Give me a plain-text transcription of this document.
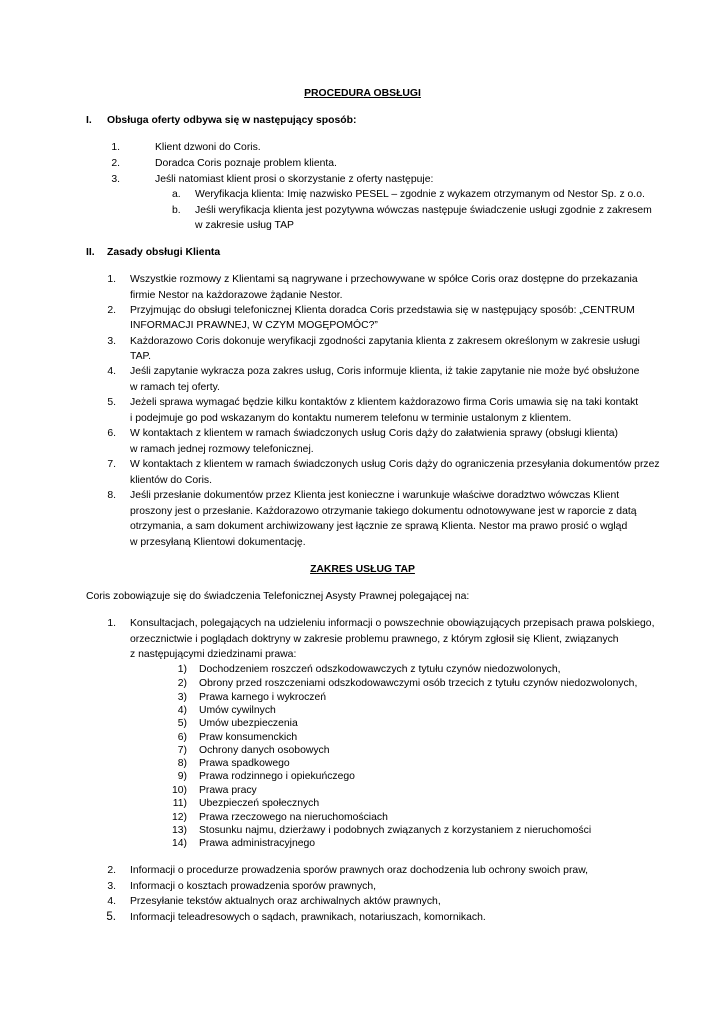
PROCEDURA OBSŁUGI
I. Obsługa oferty odbywa się w następujący sposób:
1.	Klient dzwoni do Coris.
2.	Doradca Coris poznaje problem klienta.
3.	Jeśli natomiast klient prosi o skorzystanie z oferty następuje:
a. Weryfikacja klienta: Imię nazwisko PESEL – zgodnie z wykazem otrzymanym od Nestor Sp. z o.o.
b. Jeśli weryfikacja klienta jest pozytywna wówczas następuje świadczenie usługi zgodnie z zakresem
w zakresie usług TAP
II. Zasady obsługi Klienta
1. Wszystkie rozmowy z Klientami są nagrywane i przechowywane w spółce Coris oraz dostępne do przekazania
firmie Nestor na każdorazowe żądanie Nestor.
2. Przyjmując do obsługi telefonicznej Klienta doradca Coris przedstawia się w następujący sposób: „CENTRUM
INFORMACJI PRAWNEJ, W CZYM MOGĘPOMÓC?”
3. Każdorazowo Coris dokonuje weryfikacji zgodności zapytania klienta z zakresem określonym w zakresie usługi
TAP.
4. Jeśli zapytanie wykracza poza zakres usług, Coris informuje klienta, iż takie zapytanie nie może być obsłużone
w ramach tej oferty.
5. Jeżeli sprawa wymagać będzie kilku kontaktów z klientem każdorazowo firma Coris umawia się na taki kontakt
i podejmuje go pod wskazanym do kontaktu numerem telefonu w terminie ustalonym z klientem.
6. W kontaktach z klientem w ramach świadczonych usług Coris dąży do załatwienia sprawy (obsługi klienta)
w ramach jednej rozmowy telefonicznej.
7. W kontaktach z klientem w ramach świadczonych usług Coris dąży do ograniczenia przesyłania dokumentów przez
klientów do Coris.
8. Jeśli przesłanie dokumentów przez Klienta jest konieczne i warunkuje właściwe doradztwo wówczas Klient
proszony jest o przesłanie. Każdorazowo otrzymanie takiego dokumentu odnotowywane jest w raporcie z datą
otrzymania, a sam dokument archiwizowany jest łącznie ze sprawą Klienta. Nestor ma prawo prosić o wgląd
w przesyłaną Klientowi dokumentację.
ZAKRES USŁUG TAP
Coris zobowiązuje się do świadczenia Telefonicznej Asysty Prawnej polegającej na:
1. Konsultacjach, polegających na udzieleniu informacji o powszechnie obowiązujących przepisach prawa polskiego,
orzecznictwie i poglądach doktryny w zakresie problemu prawnego, z którym zgłosił się Klient, związanych
z następującymi dziedzinami prawa:
1) Dochodzeniem roszczeń odszkodowawczych z tytułu czynów niedozwolonych,
2) Obrony przed roszczeniami odszkodowawczymi osób trzecich z tytułu czynów niedozwolonych,
3) Prawa karnego i wykroczeń
4) Umów cywilnych
5) Umów ubezpieczenia
6) Praw konsumenckich
7) Ochrony danych osobowych
8) Prawa spadkowego
9) Prawa rodzinnego i opiekuńczego
10) Prawa pracy
11) Ubezpieczeń społecznych
12) Prawa rzeczowego na nieruchomościach
13) Stosunku najmu, dzierżawy i podobnych związanych z korzystaniem z nieruchomości
14) Prawa administracyjnego
2. Informacji o procedurze prowadzenia sporów prawnych oraz dochodzenia lub ochrony swoich praw,
3. Informacji o kosztach prowadzenia sporów prawnych,
4. Przesyłanie tekstów aktualnych oraz archiwalnych aktów prawnych,
5. Informacji teleadresowych o sądach, prawnikach, notariuszach, komornikach.
